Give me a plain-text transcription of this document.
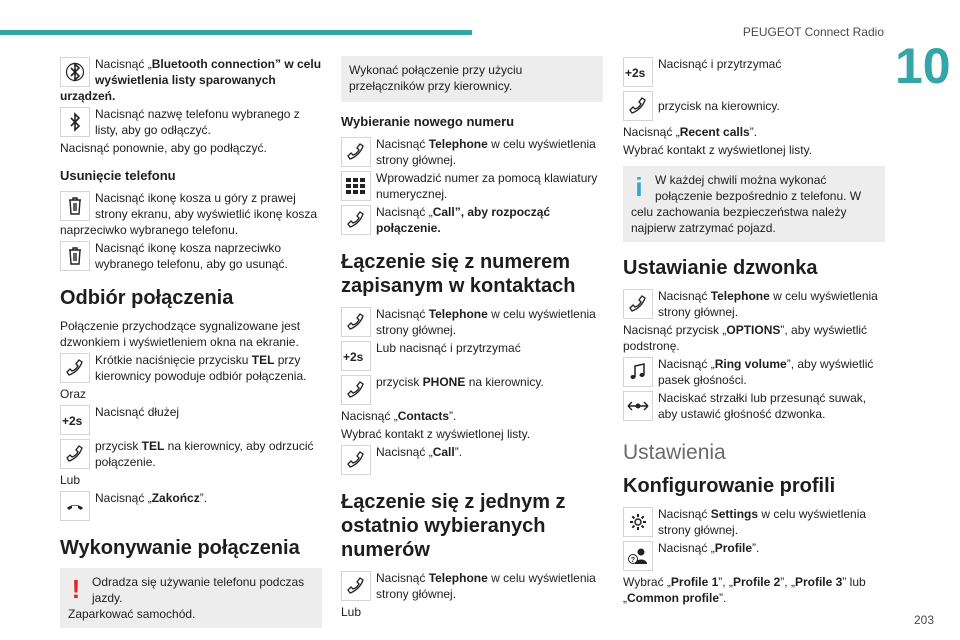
PEUGEOT Connect Radio
10
203
Nacisnąć „Bluetooth connection” w celu wyświetlenia listy sparowanych urządzeń.
Nacisnąć nazwę telefonu wybranego z listy, aby go odłączyć.
Nacisnąć ponownie, aby go podłączyć.
Usunięcie telefonu
Nacisnąć ikonę kosza u góry z prawej strony ekranu, aby wyświetlić ikonę kosza naprzeciwko wybranego telefonu.
Nacisnąć ikonę kosza naprzeciwko wybranego telefonu, aby go usunąć.
Odbiór połączenia
Połączenie przychodzące sygnalizowane jest dzwonkiem i wyświetleniem okna na ekranie.
Krótkie naciśnięcie przycisku TEL przy kierownicy powoduje odbiór połączenia.
Oraz
+2s
Nacisnąć dłużej
przycisk TEL na kierownicy, aby odrzucić połączenie.
Lub
Nacisnąć „Zakończ”.
Wykonywanie połączenia
! Odradza się używanie telefonu podczas jazdy.
Zaparkować samochód.
Wykonać połączenie przy użyciu przełączników przy kierownicy.
Wybieranie nowego numeru
Nacisnąć Telephone w celu wyświetlenia strony głównej.
Wprowadzić numer za pomocą klawiatury numerycznej.
Nacisnąć „Call”, aby rozpocząć połączenie.
Łączenie się z numerem zapisanym w kontaktach
Nacisnąć Telephone w celu wyświetlenia strony głównej.
+2s
Lub nacisnąć i przytrzymać
przycisk PHONE na kierownicy.
Nacisnąć „Contacts”.
Wybrać kontakt z wyświetlonej listy.
Nacisnąć „Call”.
Łączenie się z jednym z ostatnio wybieranych numerów
Nacisnąć Telephone w celu wyświetlenia strony głównej.
Lub
+2s
Nacisnąć i przytrzymać
przycisk na kierownicy.
Nacisnąć „Recent calls”.
Wybrać kontakt z wyświetlonej listy.
i	W każdej chwili można wykonać połączenie bezpośrednio z telefonu. W celu zachowania bezpieczeństwa należy najpierw zatrzymać pojazd.
Ustawianie dzwonka
Nacisnąć Telephone w celu wyświetlenia strony głównej.
Nacisnąć przycisk „OPTIONS”, aby wyświetlić podstronę.
Nacisnąć „Ring volume”, aby wyświetlić pasek głośności.
Naciskać strzałki lub przesunąć suwak, aby ustawić głośność dzwonka.
Ustawienia
Konfigurowanie profili
Nacisnąć Settings w celu wyświetlenia strony głównej.
?
Nacisnąć „Profile”.
Wybrać „Profile 1”, „Profile 2”, „Profile 3” lub „Common profile”.
